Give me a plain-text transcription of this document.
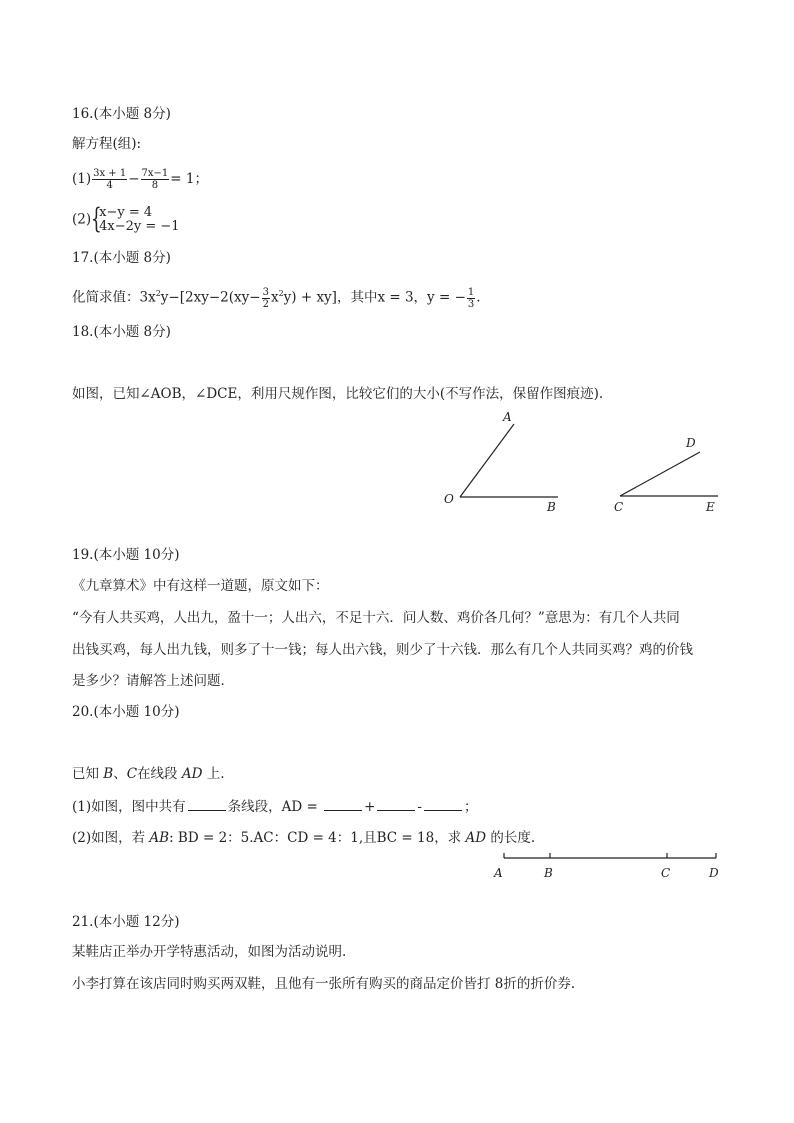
16.(本小题 8分)
解方程(组):
$(1) \frac{3x + 1}{4} - \frac{7x-1}{8} = 1$；
(2) {
x−y = 4
4x−2y = −1
17.(本小题 8分)
化简求值：$3x^2y-[2xy-2(xy- \frac{3}{2} x^2y) + xy]$，其中x = 3，y = − $\frac{1}{3}$ .
18.(本小题 8分)
如图，已知∠AOB，∠DCE，利用尺规作图，比较它们的大小(不写作法，保留作图痕迹).
A
O
B
D
C	E
A	B	C	D
19.(本小题 10分)
《九章算术》中有这样一道题，原文如下：
“今有人共买鸡，人出九，盈十一；人出六，不足十六．问人数、鸡价各几何？”意思为：有几个人共同
出钱买鸡，每人出九钱，则多了十一钱；每人出六钱，则少了十六钱．那么有几个人共同买鸡？鸡的价钱
是多少？请解答上述问题．
20.(本小题 10分)
已知 B、C在线段 AD 上.
(1)如图，图中共有	条线段，AD =	+	-	；
(2)如图，若 AB: BD = 2：5.AC：CD = 4：1,且BC = 18，求 AD 的长度.
21.(本小题 12分)
某鞋店正举办开学特惠活动，如图为活动说明.
小李打算在该店同时购买两双鞋，且他有一张所有购买的商品定价皆打 8折的折价券.
